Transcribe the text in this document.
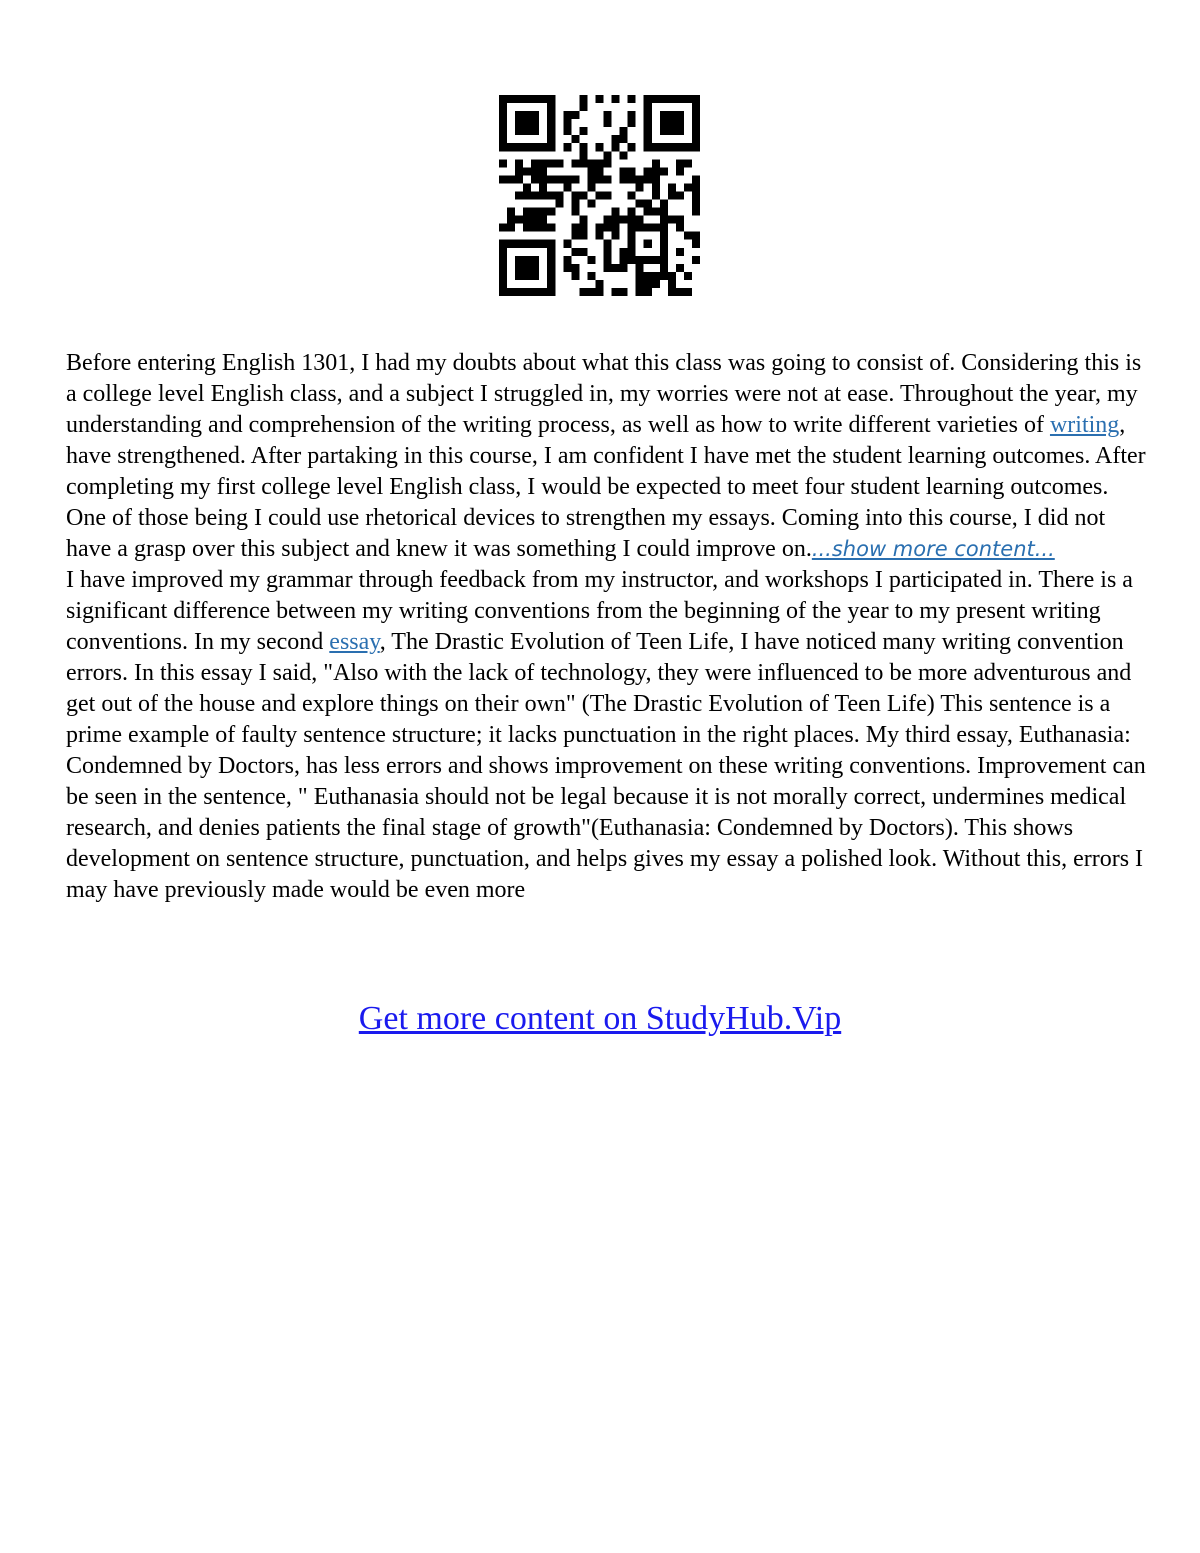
Before entering English 1301, I had my doubts about what this class was going to consist of. Considering this is a college level English class, and a subject I struggled in, my worries were not at ease. Throughout the year, my understanding and comprehension of the writing process, as well as how to write different varieties of writing, have strengthened. After partaking in this course, I am confident I have met the student learning outcomes. After completing my first college level English class, I would be expected to meet four student learning outcomes. One of those being I could use rhetorical devices to strengthen my essays. Coming into this course, I did not have a grasp over this subject and knew it was something I could improve on....show more content...

I have improved my grammar through feedback from my instructor, and workshops I participated in. There is a significant difference between my writing conventions from the beginning of the year to my present writing conventions. In my second essay, The Drastic Evolution of Teen Life, I have noticed many writing convention errors. In this essay I said, "Also with the lack of technology, they were influenced to be more adventurous and get out of the house and explore things on their own" (The Drastic Evolution of Teen Life) This sentence is a prime example of faulty sentence structure; it lacks punctuation in the right places. My third essay, Euthanasia: Condemned by Doctors, has less errors and shows improvement on these writing conventions. Improvement can be seen in the sentence, " Euthanasia should not be legal because it is not morally correct, undermines medical research, and denies patients the final stage of growth"(Euthanasia: Condemned by Doctors). This shows development on sentence structure, punctuation, and helps gives my essay a polished look. Without this, errors I may have previously made would be even more

Get more content on StudyHub.Vip
